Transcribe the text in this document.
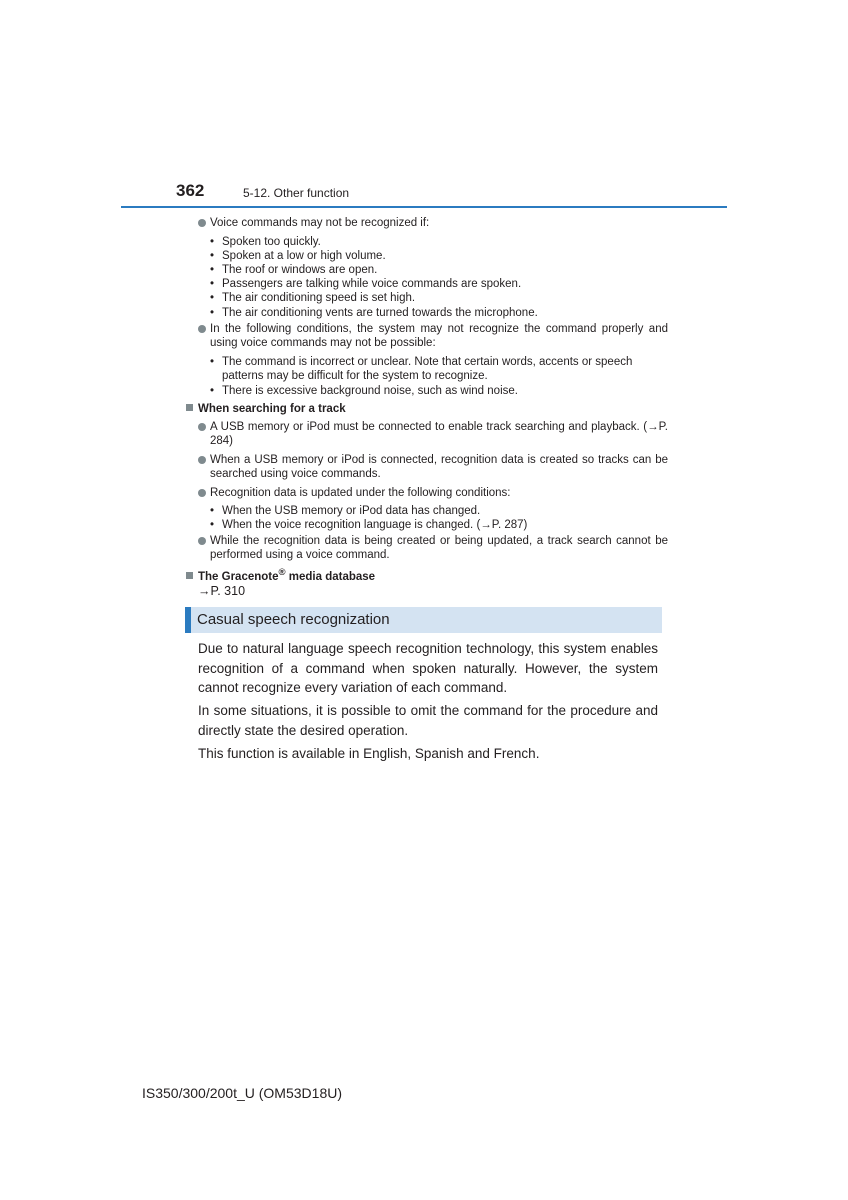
362	5-12. Other function
Voice commands may not be recognized if:
• Spoken too quickly.
• Spoken at a low or high volume.
• The roof or windows are open.
• Passengers are talking while voice commands are spoken.
• The air conditioning speed is set high.
• The air conditioning vents are turned towards the microphone.
In the following conditions, the system may not recognize the command properly and using voice commands may not be possible:
• The command is incorrect or unclear. Note that certain words, accents or speech patterns may be difficult for the system to recognize.
• There is excessive background noise, such as wind noise.
When searching for a track
A USB memory or iPod must be connected to enable track searching and playback. (→P. 284)
When a USB memory or iPod is connected, recognition data is created so tracks can be searched using voice commands.
Recognition data is updated under the following conditions:
• When the USB memory or iPod data has changed.
• When the voice recognition language is changed. (→P. 287)
While the recognition data is being created or being updated, a track search cannot be performed using a voice command.
The Gracenote® media database
→P. 310
Casual speech recognization
Due to natural language speech recognition technology, this system enables recognition of a command when spoken naturally. However, the system cannot recognize every variation of each command.
In some situations, it is possible to omit the command for the procedure and directly state the desired operation.
This function is available in English, Spanish and French.
IS350/300/200t_U (OM53D18U)
